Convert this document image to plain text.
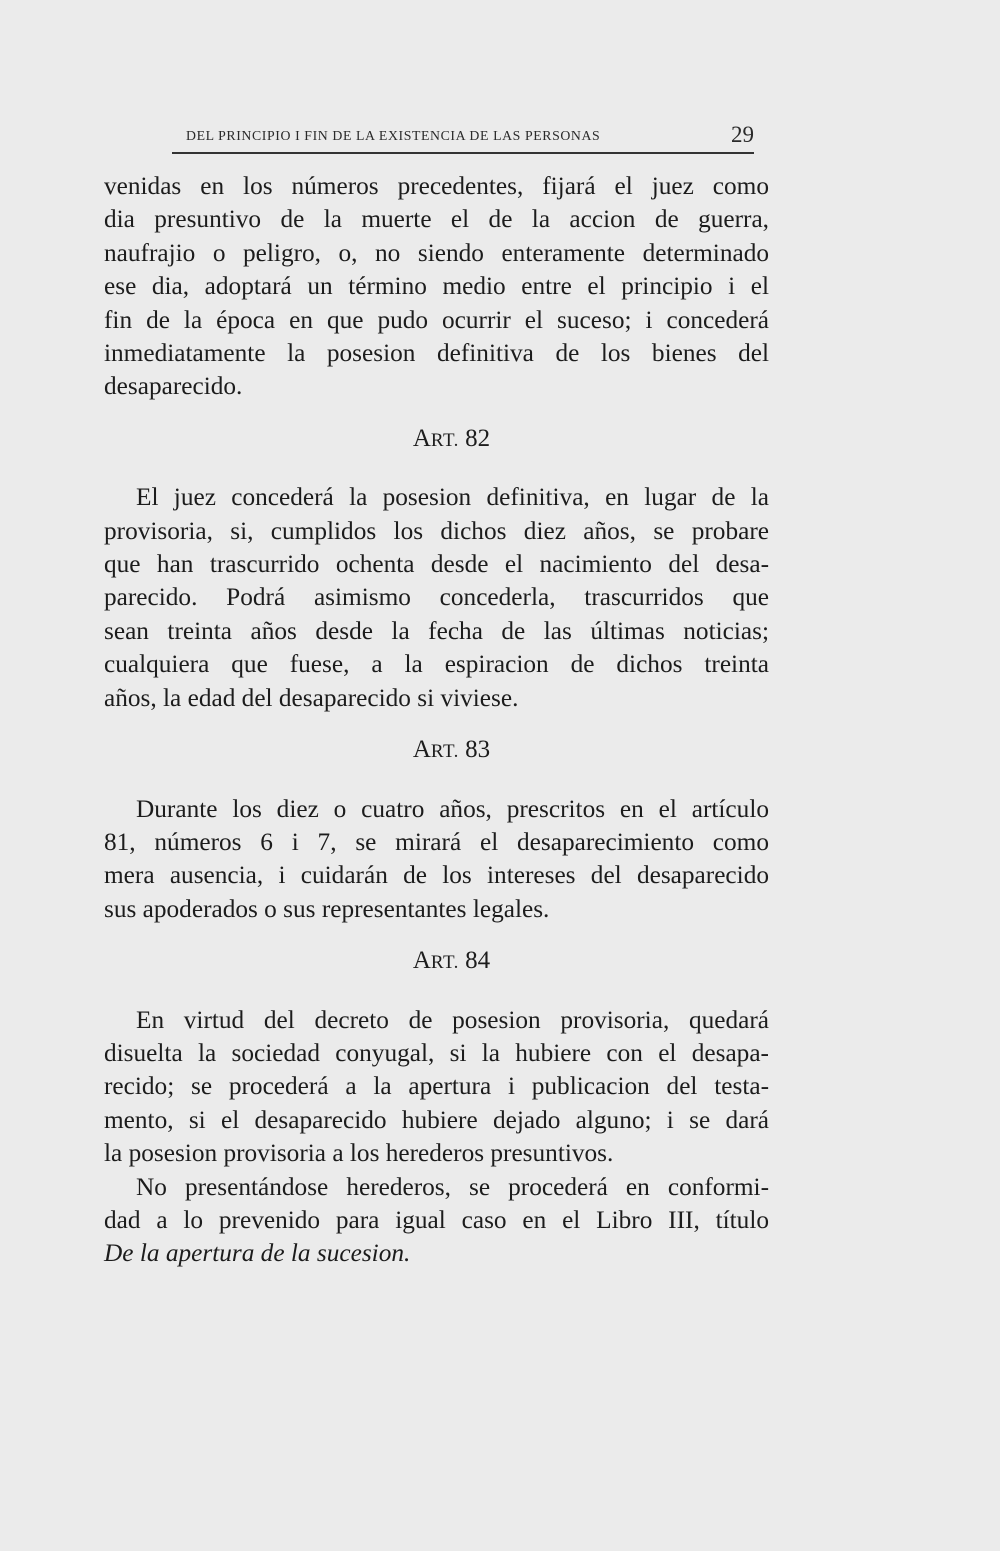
DEL PRINCIPIO I FIN DE LA EXISTENCIA DE LAS PERSONAS	29

venidas en los números precedentes, fijará el juez como
dia presuntivo de la muerte el de la accion de guerra,
naufrajio o peligro, o, no siendo enteramente determinado
ese dia, adoptará un término medio entre el principio i el
fin de la época en que pudo ocurrir el suceso; i concederá
inmediatamente la posesion definitiva de los bienes del
desaparecido.

ART. 82

El juez concederá la posesion definitiva, en lugar de la
provisoria, si, cumplidos los dichos diez años, se probare
que han trascurrido ochenta desde el nacimiento del desa-
parecido. Podrá asimismo concederla, trascurridos que
sean treinta años desde la fecha de las últimas noticias;
cualquiera que fuese, a la espiracion de dichos treinta
años, la edad del desaparecido si viviese.

ART. 83

Durante los diez o cuatro años, prescritos en el artículo
81, números 6 i 7, se mirará el desaparecimiento como
mera ausencia, i cuidarán de los intereses del desaparecido
sus apoderados o sus representantes legales.

ART. 84

En virtud del decreto de posesion provisoria, quedará
disuelta la sociedad conyugal, si la hubiere con el desapa-
recido; se procederá a la apertura i publicacion del testa-
mento, si el desaparecido hubiere dejado alguno; i se dará
la posesion provisoria a los herederos presuntivos.

No presentándose herederos, se procederá en conformi-
dad a lo prevenido para igual caso en el Libro III, título
De la apertura de la sucesion.
